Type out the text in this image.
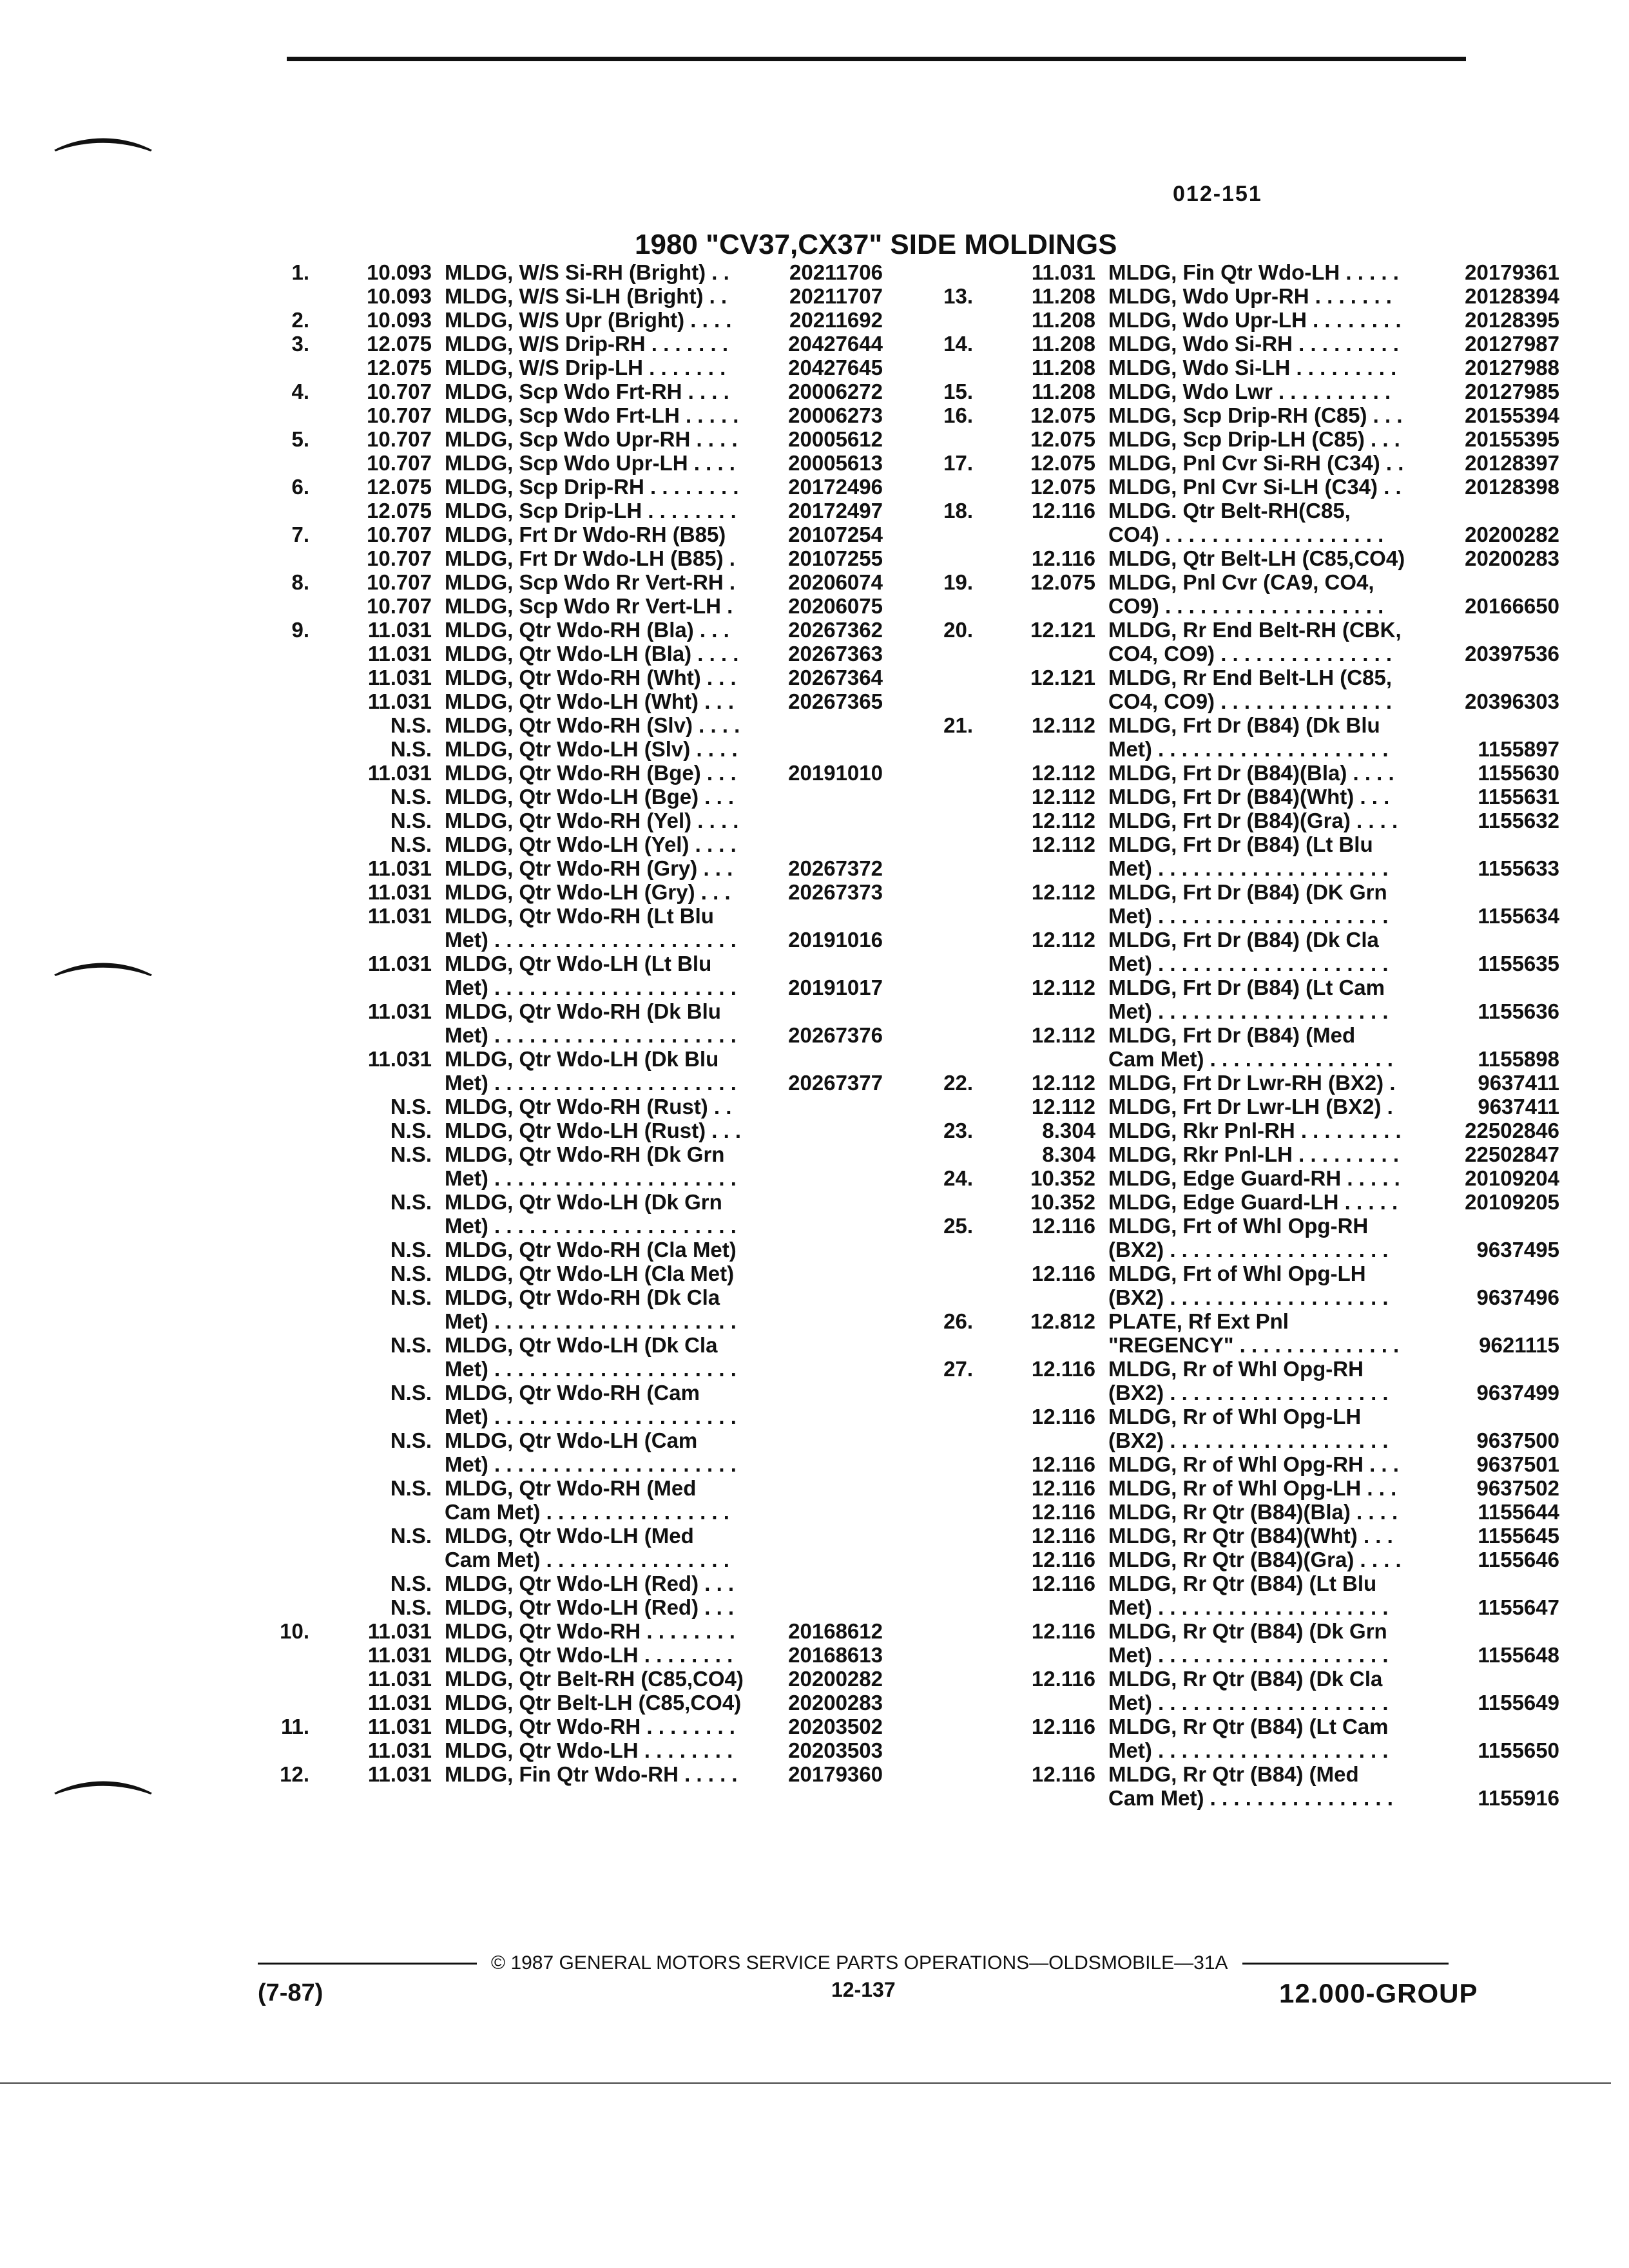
⌒
⌒
⌒
012-151
1980 "CV37,CX37" SIDE MOLDINGS
1.	10.093 MLDG, W/S Si-RH (Bright) . .	20211706
10.093 MLDG, W/S Si-LH (Bright) . .	20211707
2.	10.093 MLDG, W/S Upr (Bright) . . . .	20211692
3.	12.075 MLDG, W/S Drip-RH . . . . . . .	20427644
12.075 MLDG, W/S Drip-LH . . . . . . .	20427645
4.	10.707 MLDG, Scp Wdo Frt-RH . . . .	20006272
10.707 MLDG, Scp Wdo Frt-LH . . . . .	20006273
5.	10.707 MLDG, Scp Wdo Upr-RH . . . .	20005612
10.707 MLDG, Scp Wdo Upr-LH . . . .	20005613
6.	12.075 MLDG, Scp Drip-RH . . . . . . . .	20172496
12.075 MLDG, Scp Drip-LH . . . . . . . .	20172497
7.	10.707 MLDG, Frt Dr Wdo-RH (B85)	20107254
10.707 MLDG, Frt Dr Wdo-LH (B85) .	20107255
8.	10.707 MLDG, Scp Wdo Rr Vert-RH .	20206074
10.707 MLDG, Scp Wdo Rr Vert-LH .	20206075
9.	11.031 MLDG, Qtr Wdo-RH (Bla) . . .	20267362
11.031 MLDG, Qtr Wdo-LH (Bla) . . . .	20267363
11.031 MLDG, Qtr Wdo-RH (Wht) . . .	20267364
11.031 MLDG, Qtr Wdo-LH (Wht) . . .	20267365
N.S. MLDG, Qtr Wdo-RH (Slv) . . . .
N.S. MLDG, Qtr Wdo-LH (Slv) . . . .
11.031 MLDG, Qtr Wdo-RH (Bge) . . .	20191010
N.S. MLDG, Qtr Wdo-LH (Bge) . . .
N.S. MLDG, Qtr Wdo-RH (Yel) . . . .
N.S. MLDG, Qtr Wdo-LH (Yel) . . . .
11.031 MLDG, Qtr Wdo-RH (Gry) . . .	20267372
11.031 MLDG, Qtr Wdo-LH (Gry) . . .	20267373
11.031 MLDG, Qtr Wdo-RH (Lt Blu
Met) . . . . . . . . . . . . . . . . . . . . .	20191016
11.031 MLDG, Qtr Wdo-LH (Lt Blu
Met) . . . . . . . . . . . . . . . . . . . . .	20191017
11.031 MLDG, Qtr Wdo-RH (Dk Blu
Met) . . . . . . . . . . . . . . . . . . . . .	20267376
11.031 MLDG, Qtr Wdo-LH (Dk Blu
Met) . . . . . . . . . . . . . . . . . . . . .	20267377
N.S. MLDG, Qtr Wdo-RH (Rust) . .
N.S. MLDG, Qtr Wdo-LH (Rust) . . .
N.S. MLDG, Qtr Wdo-RH (Dk Grn
Met) . . . . . . . . . . . . . . . . . . . . .
N.S. MLDG, Qtr Wdo-LH (Dk Grn
Met) . . . . . . . . . . . . . . . . . . . . .
N.S. MLDG, Qtr Wdo-RH (Cla Met)
N.S. MLDG, Qtr Wdo-LH (Cla Met)
N.S. MLDG, Qtr Wdo-RH (Dk Cla
Met) . . . . . . . . . . . . . . . . . . . . .
N.S. MLDG, Qtr Wdo-LH (Dk Cla
Met) . . . . . . . . . . . . . . . . . . . . .
N.S. MLDG, Qtr Wdo-RH (Cam
Met) . . . . . . . . . . . . . . . . . . . . .
N.S. MLDG, Qtr Wdo-LH (Cam
Met) . . . . . . . . . . . . . . . . . . . . .
N.S. MLDG, Qtr Wdo-RH (Med
Cam Met) . . . . . . . . . . . . . . . .
N.S. MLDG, Qtr Wdo-LH (Med
Cam Met) . . . . . . . . . . . . . . . .
N.S. MLDG, Qtr Wdo-LH (Red) . . .
N.S. MLDG, Qtr Wdo-LH (Red) . . .
10.	11.031 MLDG, Qtr Wdo-RH . . . . . . . .	20168612
11.031 MLDG, Qtr Wdo-LH . . . . . . . .	20168613
11.031 MLDG, Qtr Belt-RH (C85,CO4)	20200282
11.031 MLDG, Qtr Belt-LH (C85,CO4)	20200283
11.	11.031 MLDG, Qtr Wdo-RH . . . . . . . .	20203502
11.031 MLDG, Qtr Wdo-LH . . . . . . . .	20203503
12.	11.031 MLDG, Fin Qtr Wdo-RH . . . . .	20179360
11.031 MLDG, Fin Qtr Wdo-LH . . . . .	20179361
13.	11.208 MLDG, Wdo Upr-RH . . . . . . .	20128394
11.208 MLDG, Wdo Upr-LH . . . . . . . .	20128395
14.	11.208 MLDG, Wdo Si-RH . . . . . . . . .	20127987
11.208 MLDG, Wdo Si-LH . . . . . . . . .	20127988
15.	11.208 MLDG, Wdo Lwr . . . . . . . . . .	20127985
16.	12.075 MLDG, Scp Drip-RH (C85) . . .	20155394
12.075 MLDG, Scp Drip-LH (C85) . . .	20155395
17.	12.075 MLDG, Pnl Cvr Si-RH (C34) . .	20128397
12.075 MLDG, Pnl Cvr Si-LH (C34) . .	20128398
18.	12.116 MLDG. Qtr Belt-RH(C85,
CO4) . . . . . . . . . . . . . . . . . . .	20200282
12.116 MLDG, Qtr Belt-LH (C85,CO4)	20200283
19.	12.075 MLDG, Pnl Cvr (CA9, CO4,
CO9) . . . . . . . . . . . . . . . . . . .	20166650
20.	12.121 MLDG, Rr End Belt-RH (CBK,
CO4, CO9) . . . . . . . . . . . . . . .	20397536
12.121 MLDG, Rr End Belt-LH (C85,
CO4, CO9) . . . . . . . . . . . . . . .	20396303
21.	12.112 MLDG, Frt Dr (B84) (Dk Blu
Met) . . . . . . . . . . . . . . . . . . . .	1155897
12.112 MLDG, Frt Dr (B84)(Bla) . . . .	1155630
12.112 MLDG, Frt Dr (B84)(Wht) . . .	1155631
12.112 MLDG, Frt Dr (B84)(Gra) . . . .	1155632
12.112 MLDG, Frt Dr (B84) (Lt Blu
Met) . . . . . . . . . . . . . . . . . . . .	1155633
12.112 MLDG, Frt Dr (B84) (DK Grn
Met) . . . . . . . . . . . . . . . . . . . .	1155634
12.112 MLDG, Frt Dr (B84) (Dk Cla
Met) . . . . . . . . . . . . . . . . . . . .	1155635
12.112 MLDG, Frt Dr (B84) (Lt Cam
Met) . . . . . . . . . . . . . . . . . . . .	1155636
12.112 MLDG, Frt Dr (B84) (Med
Cam Met) . . . . . . . . . . . . . . . .	1155898
22.	12.112 MLDG, Frt Dr Lwr-RH (BX2) .	9637411
12.112 MLDG, Frt Dr Lwr-LH (BX2) .	9637411
23.	8.304 MLDG, Rkr Pnl-RH . . . . . . . . .	22502846
8.304 MLDG, Rkr Pnl-LH . . . . . . . . .	22502847
24.	10.352 MLDG, Edge Guard-RH . . . . .	20109204
10.352 MLDG, Edge Guard-LH . . . . .	20109205
25.	12.116 MLDG, Frt of Whl Opg-RH
(BX2) . . . . . . . . . . . . . . . . . . .	9637495
12.116 MLDG, Frt of Whl Opg-LH
(BX2) . . . . . . . . . . . . . . . . . . .	9637496
26.	12.812 PLATE, Rf Ext Pnl
"REGENCY" . . . . . . . . . . . . . .	9621115
27.	12.116 MLDG, Rr of Whl Opg-RH
(BX2) . . . . . . . . . . . . . . . . . . .	9637499
12.116 MLDG, Rr of Whl Opg-LH
(BX2) . . . . . . . . . . . . . . . . . . .	9637500
12.116 MLDG, Rr of Whl Opg-RH . . .	9637501
12.116 MLDG, Rr of Whl Opg-LH . . .	9637502
12.116 MLDG, Rr Qtr (B84)(Bla) . . . .	1155644
12.116 MLDG, Rr Qtr (B84)(Wht) . . .	1155645
12.116 MLDG, Rr Qtr (B84)(Gra) . . . .	1155646
12.116 MLDG, Rr Qtr (B84) (Lt Blu
Met) . . . . . . . . . . . . . . . . . . . .	1155647
12.116 MLDG, Rr Qtr (B84) (Dk Grn
Met) . . . . . . . . . . . . . . . . . . . .	1155648
12.116 MLDG, Rr Qtr (B84) (Dk Cla
Met) . . . . . . . . . . . . . . . . . . . .	1155649
12.116 MLDG, Rr Qtr (B84) (Lt Cam
Met) . . . . . . . . . . . . . . . . . . . .	1155650
12.116 MLDG, Rr Qtr (B84) (Med
Cam Met) . . . . . . . . . . . . . . . .	1155916
© 1987 GENERAL MOTORS SERVICE PARTS OPERATIONS—OLDSMOBILE—31A
(7-87)	12-137	12.000-GROUP
